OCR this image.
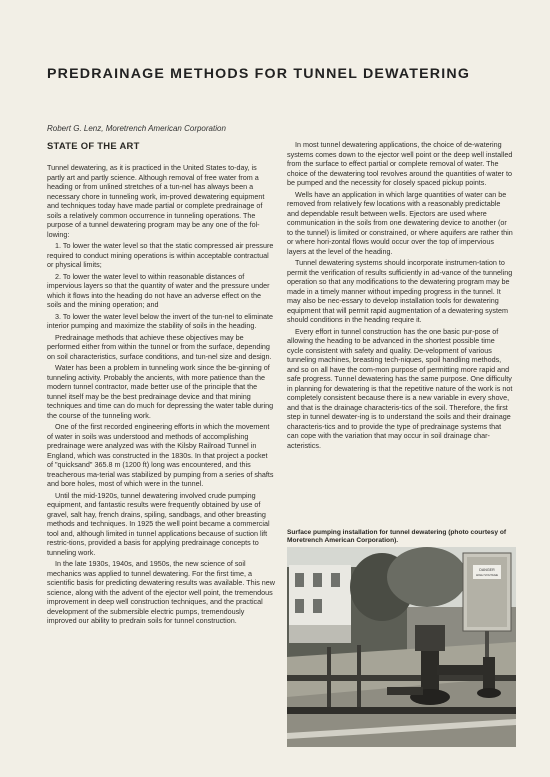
PREDRAINAGE METHODS FOR TUNNEL DEWATERING
Robert G. Lenz, Moretrench American Corporation
STATE OF THE ART

Tunnel dewatering, as it is practiced in the United States to-day, is partly art and partly science. Although removal of free water from a heading or from unlined stretches of a tun-nel has always been a necessary chore in tunneling work, im-proved dewatering equipment and techniques today have made partial or complete predrainage of soils a relatively common occurrence in tunneling operations. The purpose of a tunnel dewatering program may be any one of the fol-lowing:

1. To lower the water level so that the static compressed air pressure required to conduct mining operations is within acceptable contractual or physical limits;

2. To lower the water level to within reasonable distances of impervious layers so that the quantity of water and the pressure under which it flows into the heading do not have an adverse effect on the soils and the mining operation; and

3. To lower the water level below the invert of the tun-nel to eliminate interior pumping and maximize the stability of soils in the heading.

Predrainage methods that achieve these objectives may be performed either from within the tunnel or from the surface, depending on soil characteristics, surface conditions, and tun-nel size and design.

Water has been a problem in tunneling work since the be-ginning of tunneling activity. Probably the ancients, with more patience than the modern tunnel contractor, made better use of the principle that the tunnel itself may be the best predrainage device and that mining techniques and time can do much for depressing the water table during the course of the tunneling work.

One of the first recorded engineering efforts in which the movement of water in soils was understood and methods of accomplishing predrainage were analyzed was with the Kilsby Railroad Tunnel in England, which was constructed in the 1830s. In that project a pocket of "quicksand" 365.8 m (1200 ft) long was encountered, and this treacherous ma-terial was stabilized by pumping from a series of shafts and bore holes, most of which were in the tunnel.

Until the mid-1920s, tunnel dewatering involved crude pumping equipment, and fantastic results were frequently obtained by use of gravel, salt hay, french drains, spiling, sandbags, and other breasting methods and techniques. In 1925 the well point became a commercial tool and, although limited in tunnel applications because of suction lift restric-tions, provided a basis for applying predrainage concepts to tunneling work.

In the late 1930s, 1940s, and 1950s, the new science of soil mechanics was applied to tunnel dewatering. For the first time, a scientific basis for predicting dewatering results was available. This new science, along with the advent of the ejector well point, the tremendous improvement in deep well construction techniques, and the practical development of the submersible electric pumps, tremendously improved our ability to predrain soils for tunnel construction.

In most tunnel dewatering applications, the choice of de-watering systems comes down to the ejector well point or the deep well installed from the surface to effect partial or complete removal of water. The choice of the dewatering tool revolves around the quantities of water to be pumped and the necessity for closely spaced pickup points.

Wells have an application in which large quantities of water can be removed from relatively few locations with a reasonably predictable and dependable result between wells. Ejectors are used where communication in the soils from one dewatering device to another (or to the tunnel) is limited or constrained, or where aquifers are rather thin or where hori-zontal flows would occur over the top of impervious layers at the level of the heading.

Tunnel dewatering systems should incorporate instrumen-tation to permit the verification of results sufficiently in ad-vance of the tunneling operation so that any modifications to the dewatering program may be made in a timely manner without impeding progress in the tunnel. It may also be nec-essary to develop installation tools for dewatering equipment that will permit rapid augmentation of a dewatering system should conditions in the heading require it.

Every effort in tunnel construction has the one basic pur-pose of allowing the heading to be advanced in the shortest possible time cycle consistent with safety and quality. De-velopment of various tunneling machines, breasting tech-niques, spoil handling methods, and so on all have the com-mon purpose of permitting more rapid and safe progress. Tunnel dewatering has the same purpose. One difficulty in planning for dewatering is that the repetitive nature of the work is not completely consistent because there is a new variable in every shove, and that is the drainage characteris-tics of the soil. Therefore, the first step in tunnel dewater-ing is to understand the soils and their drainage characteris-tics and to provide the type of predrainage systems that can cope with the variation that may occur in soil drainage char-acteristics.

Surface pumping installation for tunnel dewatering (photo courtesy of Moretrench American Corporation).
DANGER
HIGH VOLTAGE
